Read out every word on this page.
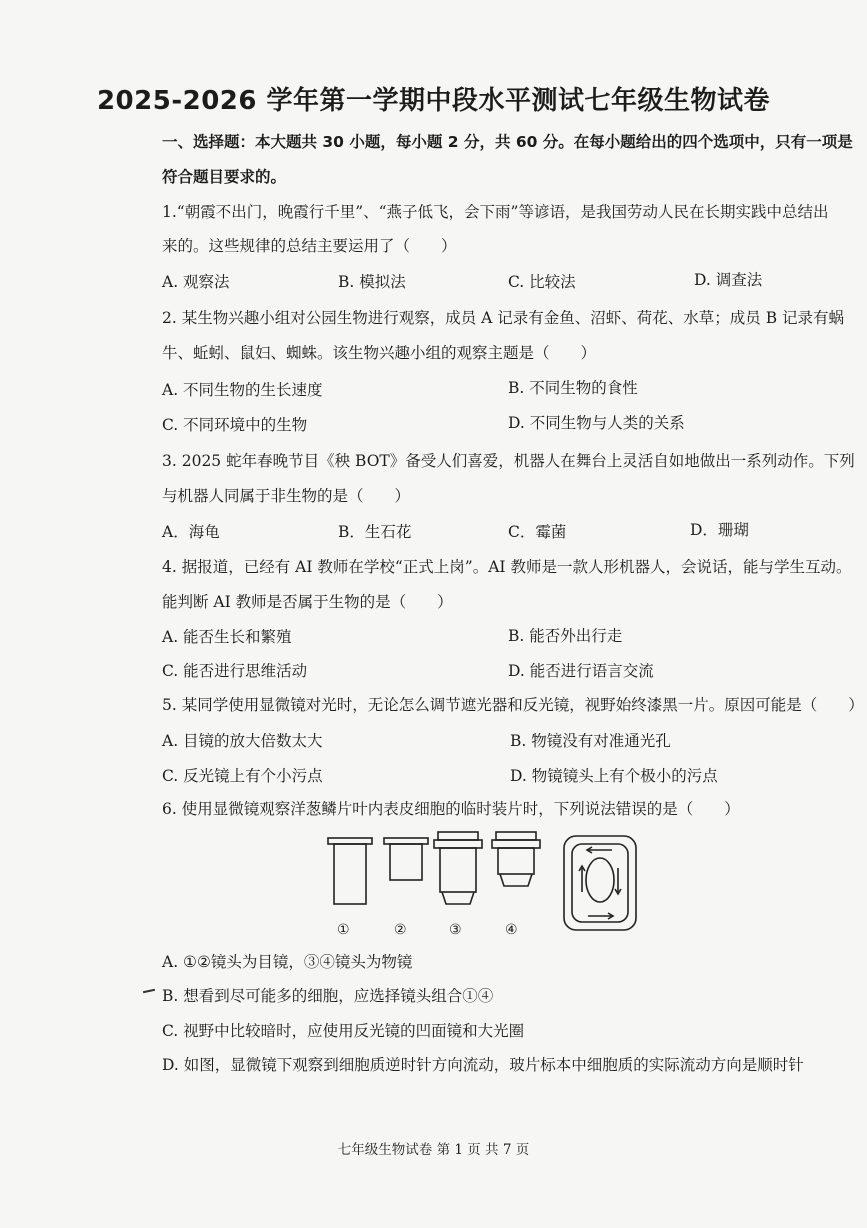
2025-2026 学年第一学期中段水平测试七年级生物试卷
一、选择题：本大题共 30 小题，每小题 2 分，共 60 分。在每小题给出的四个选项中，只有一项是
符合题目要求的。
1.“朝霞不出门，晚霞行千里”、“燕子低飞，会下雨”等谚语，是我国劳动人民在长期实践中总结出
来的。这些规律的总结主要运用了（　　）
A. 观察法	B. 模拟法	C. 比较法	D. 调查法
2. 某生物兴趣小组对公园生物进行观察，成员 A 记录有金鱼、沼虾、荷花、水草；成员 B 记录有蜗
牛、蚯蚓、鼠妇、蜘蛛。该生物兴趣小组的观察主题是（　　）
A. 不同生物的生长速度	B. 不同生物的食性
C. 不同环境中的生物	D. 不同生物与人类的关系
3. 2025 蛇年春晚节目《秧 BOT》备受人们喜爱，机器人在舞台上灵活自如地做出一系列动作。下列
与机器人同属于非生物的是（　　）
A．海龟	B．生石花	C．霉菌	D．珊瑚
4. 据报道，已经有 AI 教师在学校“正式上岗”。AI 教师是一款人形机器人，会说话，能与学生互动。
能判断 AI 教师是否属于生物的是（　　）
A. 能否生长和繁殖	B. 能否外出行走
C. 能否进行思维活动	D. 能否进行语言交流
5. 某同学使用显微镜对光时，无论怎么调节遮光器和反光镜，视野始终漆黑一片。原因可能是（　　）
A. 目镜的放大倍数太大	B. 物镜没有对准通光孔
C. 反光镜上有个小污点	D. 物镜镜头上有个极小的污点
6. 使用显微镜观察洋葱鳞片叶内表皮细胞的临时装片时，下列说法错误的是（　　）
①	②	③	④
A. ①②镜头为目镜，③④镜头为物镜
B. 想看到尽可能多的细胞，应选择镜头组合①④
C. 视野中比较暗时，应使用反光镜的凹面镜和大光圈
D. 如图，显微镜下观察到细胞质逆时针方向流动，玻片标本中细胞质的实际流动方向是顺时针
七年级生物试卷 第 1 页 共 7 页
